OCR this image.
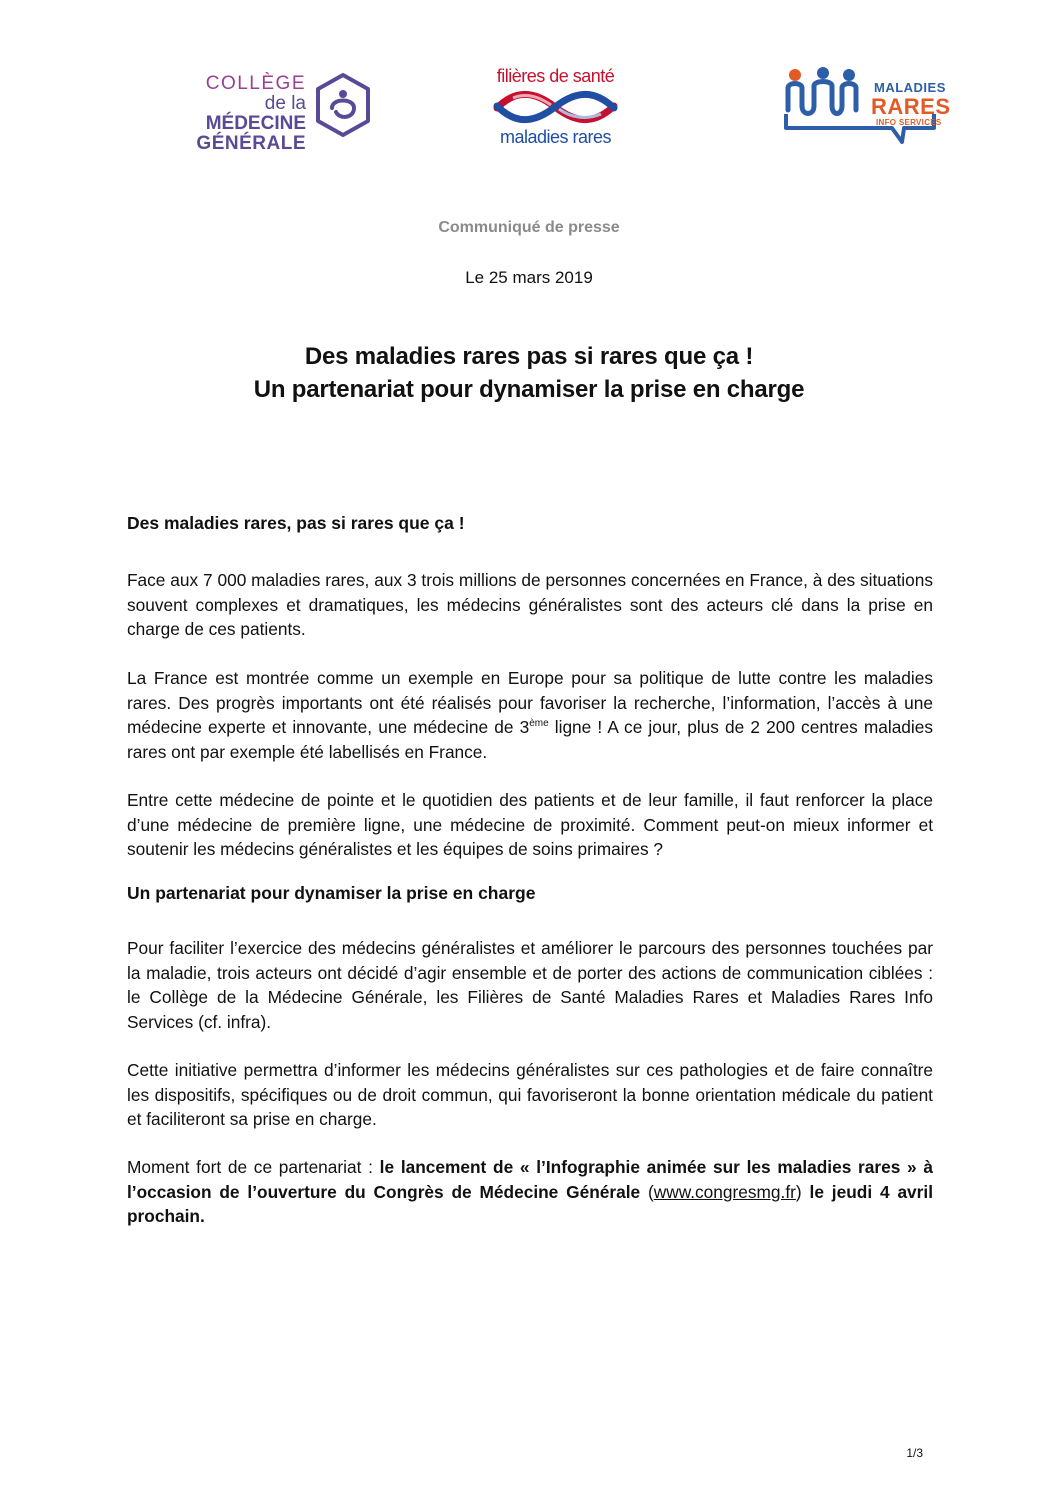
COLLÈGE
de la MÉDECINE
GÉNÉRALE
filières de santé
maladies rares
MALADIES
RARES
INFO SERVICES
Communiqué de presse
Le 25 mars 2019
Des maladies rares pas si rares que ça !
Un partenariat pour dynamiser la prise en charge
Des maladies rares, pas si rares que ça !

Face aux 7 000 maladies rares, aux 3 trois millions de personnes concernées en France, à des situations souvent complexes et dramatiques, les médecins généralistes sont des acteurs clé dans la prise en charge de ces patients.

La France est montrée comme un exemple en Europe pour sa politique de lutte contre les maladies rares. Des progrès importants ont été réalisés pour favoriser la recherche, l’information, l’accès à une médecine experte et innovante, une médecine de 3ème ligne ! A ce jour, plus de 2 200 centres maladies rares ont par exemple été labellisés en France.

Entre cette médecine de pointe et le quotidien des patients et de leur famille, il faut renforcer la place d’une médecine de première ligne, une médecine de proximité. Comment peut-on mieux informer et soutenir les médecins généralistes et les équipes de soins primaires ?

Un partenariat pour dynamiser la prise en charge

Pour faciliter l’exercice des médecins généralistes et améliorer le parcours des personnes touchées par la maladie, trois acteurs ont décidé d’agir ensemble et de porter des actions de communication ciblées : le Collège de la Médecine Générale, les Filières de Santé Maladies Rares et Maladies Rares Info Services (cf. infra).

Cette initiative permettra d’informer les médecins généralistes sur ces pathologies et de faire connaître les dispositifs, spécifiques ou de droit commun, qui favoriseront la bonne orientation médicale du patient et faciliteront sa prise en charge.

Moment fort de ce partenariat : le lancement de « l’Infographie animée sur les maladies rares » à l’occasion de l’ouverture du Congrès de Médecine Générale (www.congresmg.fr) le jeudi 4 avril prochain.

1/3
